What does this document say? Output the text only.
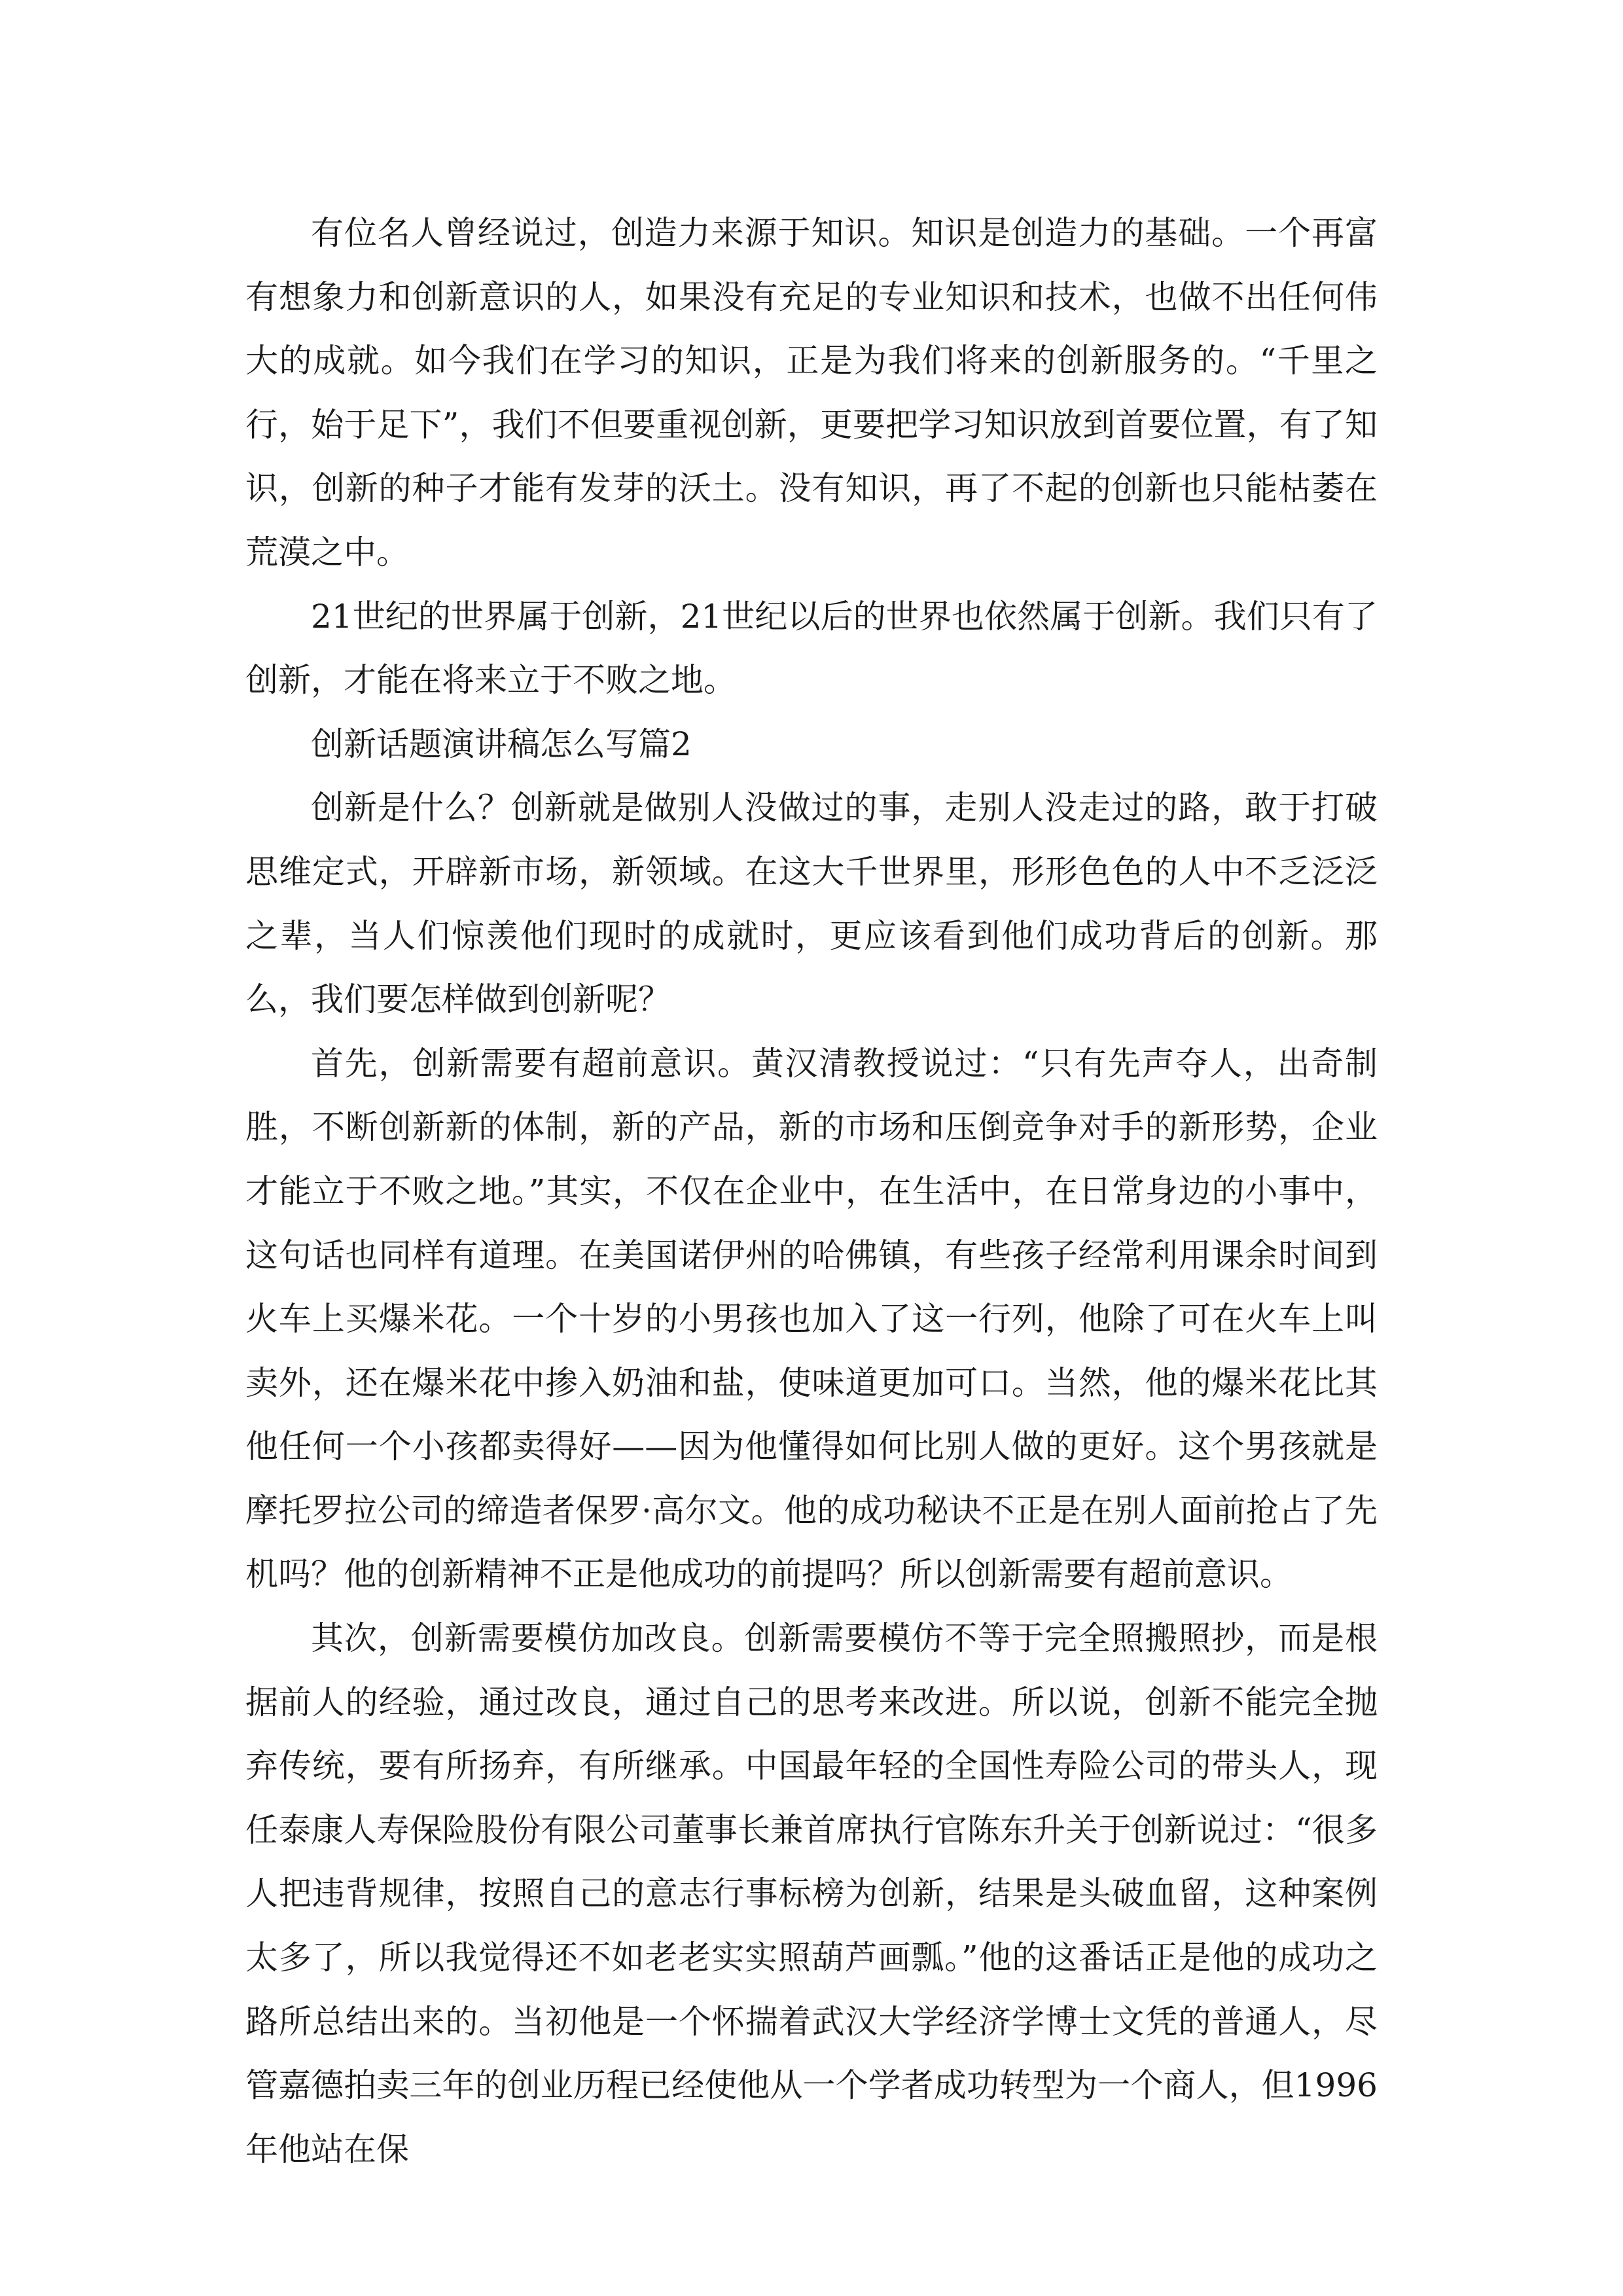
有位名人曾经说过，创造力来源于知识。知识是创造力的基础。一个再富有想象力和创新意识的人，如果没有充足的专业知识和技术，也做不出任何伟大的成就。如今我们在学习的知识，正是为我们将来的创新服务的。“千里之行，始于足下”，我们不但要重视创新，更要把学习知识放到首要位置，有了知识，创新的种子才能有发芽的沃土。没有知识，再了不起的创新也只能枯萎在荒漠之中。

21世纪的世界属于创新，21世纪以后的世界也依然属于创新。我们只有了创新，才能在将来立于不败之地。

创新话题演讲稿怎么写篇2

创新是什么？创新就是做别人没做过的事，走别人没走过的路，敢于打破思维定式，开辟新市场，新领域。在这大千世界里，形形色色的人中不乏泛泛之辈，当人们惊羡他们现时的成就时，更应该看到他们成功背后的创新。那么，我们要怎样做到创新呢？

首先，创新需要有超前意识。黄汉清教授说过：“只有先声夺人，出奇制胜，不断创新新的体制，新的产品，新的市场和压倒竞争对手的新形势，企业才能立于不败之地。”其实，不仅在企业中，在生活中，在日常身边的小事中，这句话也同样有道理。在美国诺伊州的哈佛镇，有些孩子经常利用课余时间到火车上买爆米花。一个十岁的小男孩也加入了这一行列，他除了可在火车上叫卖外，还在爆米花中掺入奶油和盐，使味道更加可口。当然，他的爆米花比其他任何一个小孩都卖得好——因为他懂得如何比别人做的更好。这个男孩就是摩托罗拉公司的缔造者保罗·高尔文。他的成功秘诀不正是在别人面前抢占了先机吗？他的创新精神不正是他成功的前提吗？所以创新需要有超前意识。

其次，创新需要模仿加改良。创新需要模仿不等于完全照搬照抄，而是根据前人的经验，通过改良，通过自己的思考来改进。所以说，创新不能完全抛弃传统，要有所扬弃，有所继承。中国最年轻的全国性寿险公司的带头人，现任泰康人寿保险股份有限公司董事长兼首席执行官陈东升关于创新说过：“很多人把违背规律，按照自己的意志行事标榜为创新，结果是头破血留，这种案例太多了，所以我觉得还不如老老实实照葫芦画瓢。”他的这番话正是他的成功之路所总结出来的。当初他是一个怀揣着武汉大学经济学博士文凭的普通人，尽管嘉德拍卖三年的创业历程已经使他从一个学者成功转型为一个商人，但1996年他站在保
